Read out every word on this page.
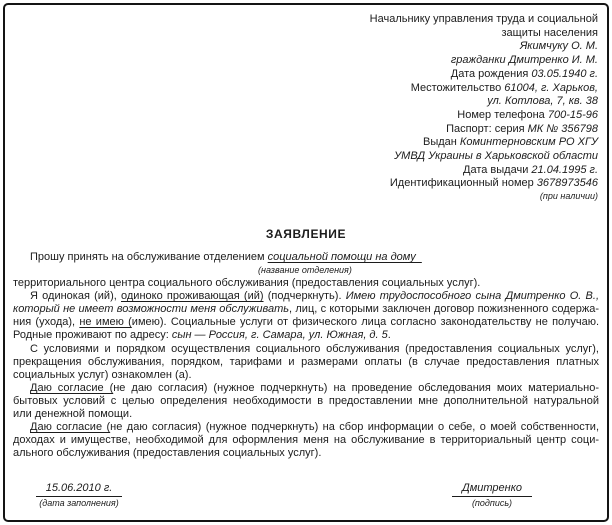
Начальнику управления труда и социальной
защиты населения
Якимчуку О. М.
гражданки Дмитренко И. М.
Дата рождения 03.05.1940 г.
Местожительство 61004, г. Харьков,
ул. Котлова, 7, кв. 38
Номер телефона 700-15-96
Паспорт: серия МК № 356798
Выдан Коминтерновским РО ХГУ
УМВД Украины в Харьковской области
Дата выдачи 21.04.1995 г.
Идентификационный номер 3678973546
(при наличии)
ЗАЯВЛЕНИЕ
Прошу принять на обслуживание отделением социальной помощи на дому
(название отделения)
территориального центра социального обслуживания (предоставления социальных услуг).
Я одинокая (ий), одиноко проживающая (ий) (подчеркнуть). Имею трудоспособного сына Дмитренко О. В.,
который не имеет возможности меня обслуживать, лиц, с которыми заключен договор пожизненного содержа-
ния (ухода), не имею (имею). Социальные услуги от физического лица согласно законодательству не получаю.
Родные проживают по адресу: сын — Россия, г. Самара, ул. Южная, д. 5.
С условиями и порядком осуществления социального обслуживания (предоставления социальных услуг),
прекращения обслуживания, порядком, тарифами и размерами оплаты (в случае предоставления платных
социальных услуг) ознакомлен (а).
Даю согласие (не даю согласия) (нужное подчеркнуть) на проведение обследования моих материально-
бытовых условий с целью определения необходимости в предоставлении мне дополнительной натуральной
или денежной помощи.
Даю согласие (не даю согласия) (нужное подчеркнуть) на сбор информации о себе, о моей собственности,
доходах и имуществе, необходимой для оформления меня на обслуживание в территориальный центр соци-
ального обслуживания (предоставления социальных услуг).
15.06.2010 г.
(дата заполнения)
Дмитренко
(подпись)
